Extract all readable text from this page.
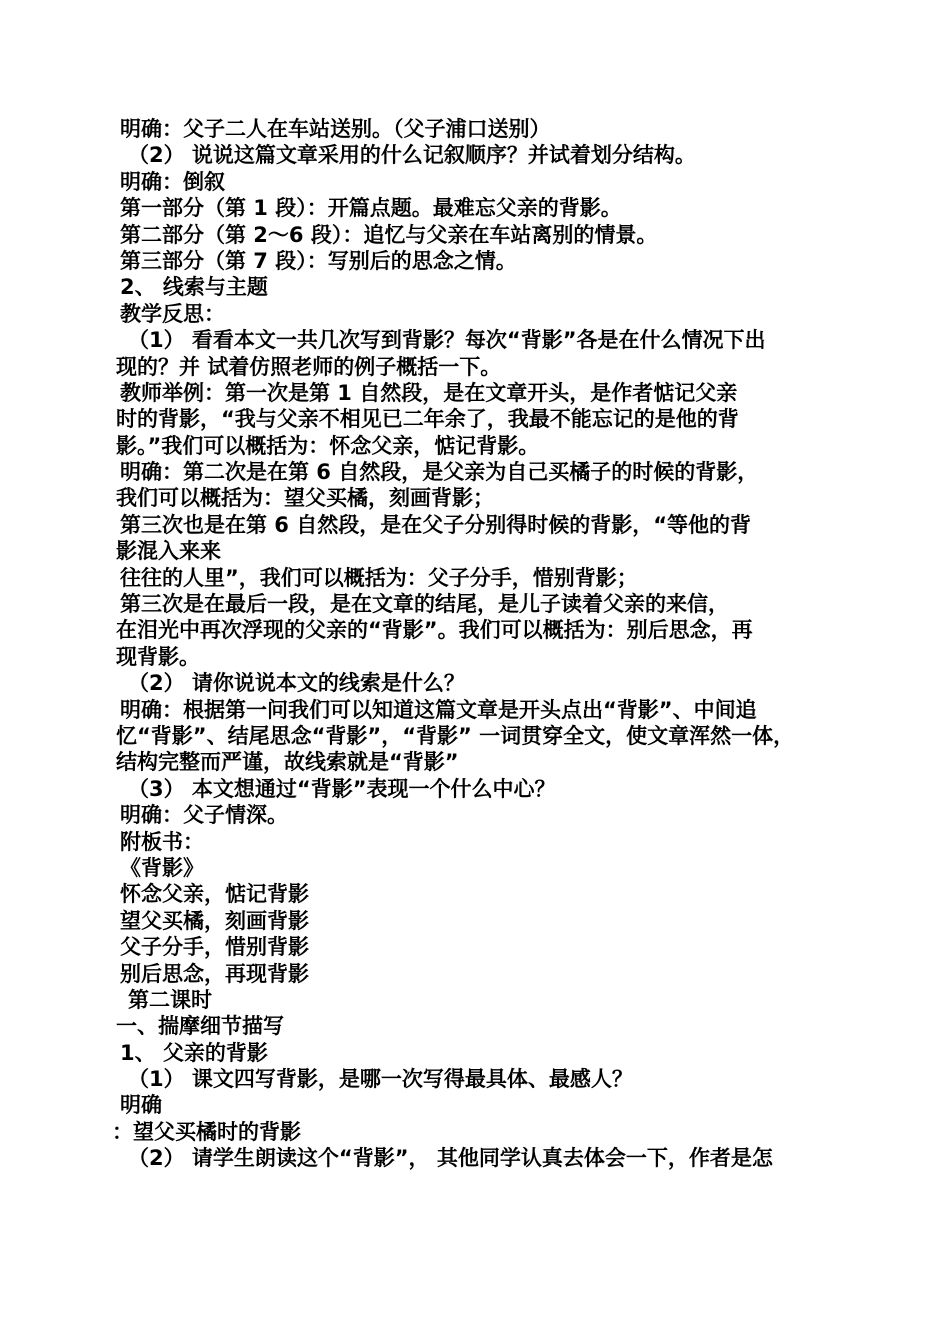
明确：父子二人在车站送别。（父子浦口送别）
（2） 说说这篇文章采用的什么记叙顺序？并试着划分结构。
明确：倒叙
第一部分（第 1 段）：开篇点题。最难忘父亲的背影。
第二部分（第 2～6 段）：追忆与父亲在车站离别的情景。
第三部分（第 7 段）：写别后的思念之情。
2、 线索与主题
教学反思：
（1） 看看本文一共几次写到背影？每次“背影”各是在什么情况下出
现的？并 试着仿照老师的例子概括一下。
教师举例：第一次是第 1 自然段，是在文章开头，是作者惦记父亲
时的背影，“我与父亲不相见已二年余了，我最不能忘记的是他的背
影。”我们可以概括为：怀念父亲，惦记背影。
明确：第二次是在第 6 自然段，是父亲为自己买橘子的时候的背影，
我们可以概括为：望父买橘，刻画背影；
第三次也是在第 6 自然段，是在父子分别得时候的背影，“等他的背
影混入来来
往往的人里”，我们可以概括为：父子分手，惜别背影；
第三次是在最后一段，是在文章的结尾，是儿子读着父亲的来信，
在泪光中再次浮现的父亲的“背影”。我们可以概括为：别后思念，再
现背影。
（2） 请你说说本文的线索是什么？
明确：根据第一问我们可以知道这篇文章是开头点出“背影”、中间追
忆“背影”、结尾思念“背影”，“背影” 一词贯穿全文，使文章浑然一体，
结构完整而严谨，故线索就是“背影”
（3） 本文想通过“背影”表现一个什么中心？
明确：父子情深。
附板书：
《背影》
怀念父亲，惦记背影
望父买橘，刻画背影
父子分手，惜别背影
别后思念，再现背影
第二课时
一、揣摩细节描写
1、 父亲的背影
（1） 课文四写背影，是哪一次写得最具体、最感人？
明确
：望父买橘时的背影
（2） 请学生朗读这个“背影”， 其他同学认真去体会一下，作者是怎
